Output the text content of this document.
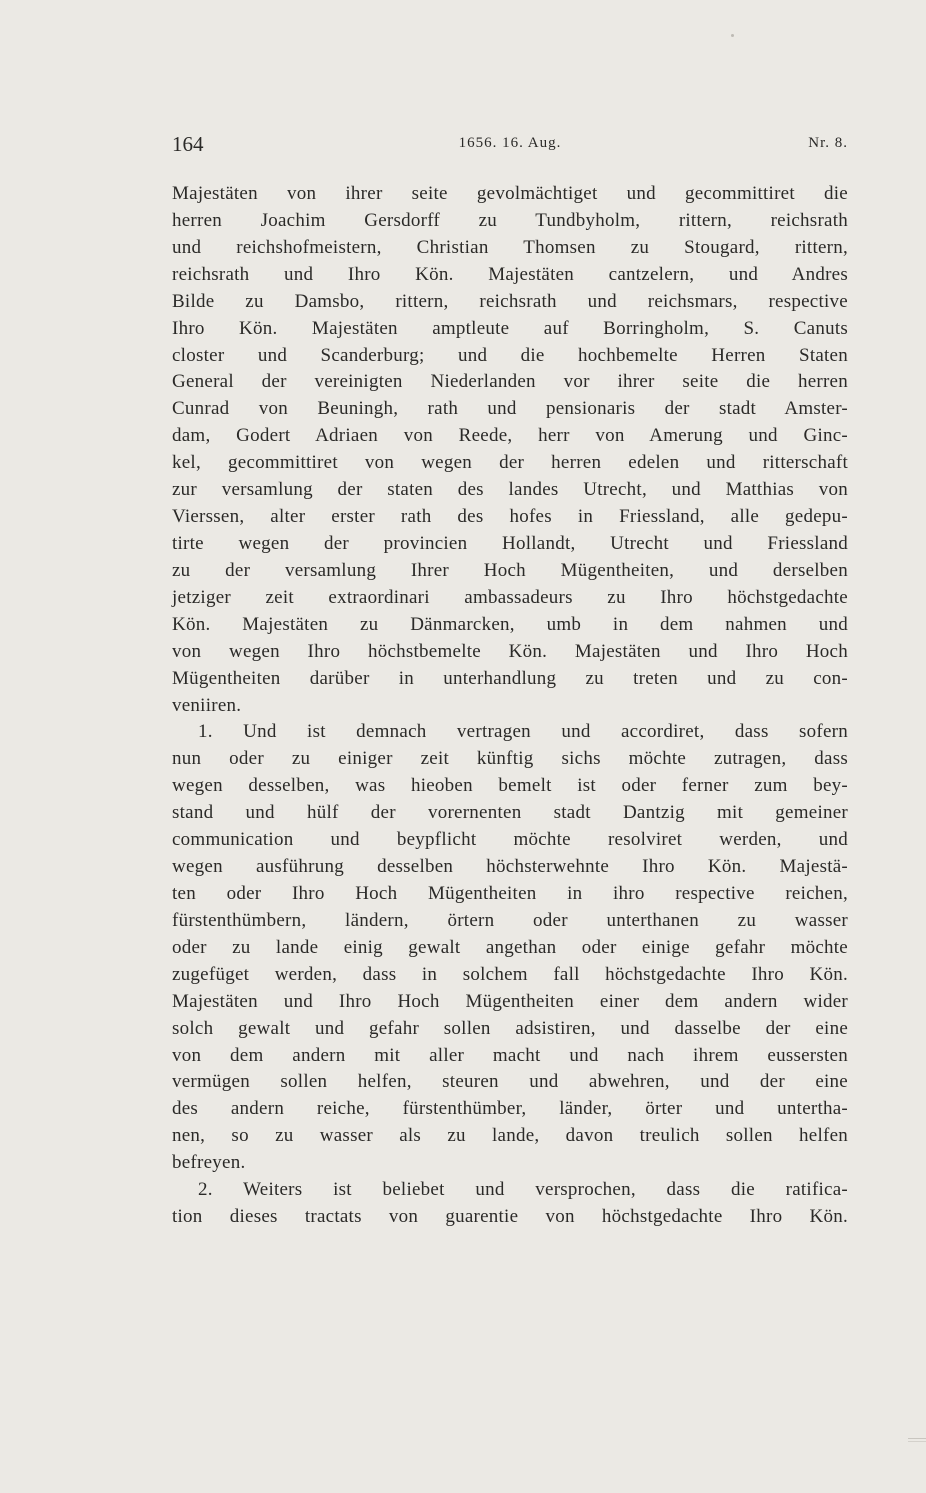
164	1656. 16. Aug.	Nr. 8.
Majestäten von ihrer seite gevolmächtiget und gecommittiret die
herren Joachim Gersdorff zu Tundbyholm, rittern, reichsrath
und reichshofmeistern, Christian Thomsen zu Stougard, rittern,
reichsrath und Ihro Kön. Majestäten cantzelern, und Andres
Bilde zu Damsbo, rittern, reichsrath und reichsmars, respective
Ihro Kön. Majestäten amptleute auf Borringholm, S. Canuts
closter und Scanderburg; und die hochbemelte Herren Staten
General der vereinigten Niederlanden vor ihrer seite die herren
Cunrad von Beuningh, rath und pensionaris der stadt Amster-
dam, Godert Adriaen von Reede, herr von Amerung und Ginc-
kel, gecommittiret von wegen der herren edelen und ritterschaft
zur versamlung der staten des landes Utrecht, und Matthias von
Vierssen, alter erster rath des hofes in Friessland, alle gedepu-
tirte wegen der provincien Hollandt, Utrecht und Friessland
zu der versamlung Ihrer Hoch Mügentheiten, und derselben
jetziger zeit extraordinari ambassadeurs zu Ihro höchstgedachte
Kön. Majestäten zu Dänmarcken, umb in dem nahmen und
von wegen Ihro höchstbemelte Kön. Majestäten und Ihro Hoch
Mügentheiten darüber in unterhandlung zu treten und zu con-
veniiren.
1. Und ist demnach vertragen und accordiret, dass sofern
nun oder zu einiger zeit künftig sichs möchte zutragen, dass
wegen desselben, was hieoben bemelt ist oder ferner zum bey-
stand und hülf der vorernenten stadt Dantzig mit gemeiner
communication und beypflicht möchte resolviret werden, und
wegen ausführung desselben höchsterwehnte Ihro Kön. Majestä-
ten oder Ihro Hoch Mügentheiten in ihro respective reichen,
fürstenthümbern, ländern, örtern oder unterthanen zu wasser
oder zu lande einig gewalt angethan oder einige gefahr möchte
zugefüget werden, dass in solchem fall höchstgedachte Ihro Kön.
Majestäten und Ihro Hoch Mügentheiten einer dem andern wider
solch gewalt und gefahr sollen adsistiren, und dasselbe der eine
von dem andern mit aller macht und nach ihrem eussersten
vermügen sollen helfen, steuren und abwehren, und der eine
des andern reiche, fürstenthümber, länder, örter und untertha-
nen, so zu wasser als zu lande, davon treulich sollen helfen
befreyen.
2. Weiters ist beliebet und versprochen, dass die ratifica-
tion dieses tractats von guarentie von höchstgedachte Ihro Kön.
